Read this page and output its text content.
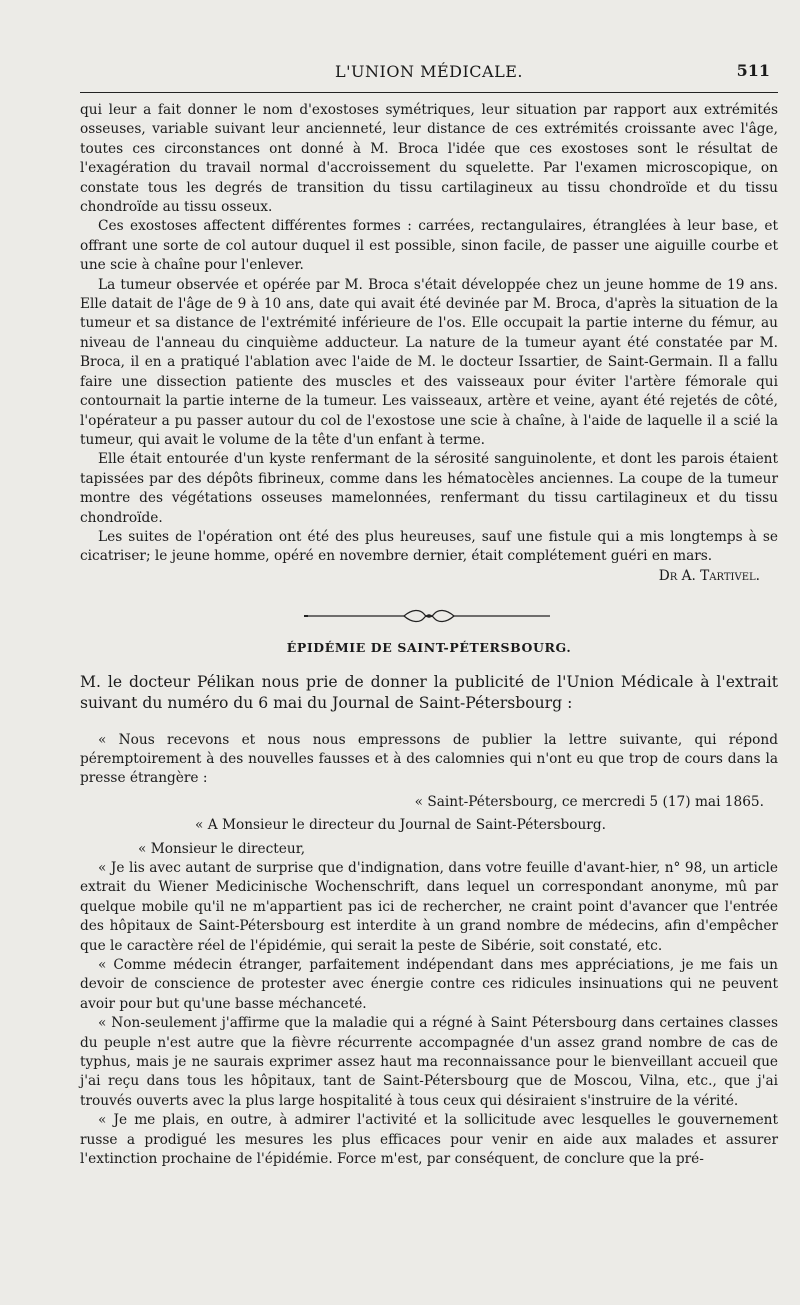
L'UNION MÉDICALE.	511

qui leur a fait donner le nom d'exostoses symétriques, leur situation par rapport aux extrémités osseuses, variable suivant leur ancienneté, leur distance de ces extrémités croissante avec l'âge, toutes ces circonstances ont donné à M. Broca l'idée que ces exostoses sont le résultat de l'exagération du travail normal d'accroissement du squelette. Par l'examen microscopique, on constate tous les degrés de transition du tissu cartilagineux au tissu chondroïde et du tissu chondroïde au tissu osseux.

Ces exostoses affectent différentes formes : carrées, rectangulaires, étranglées à leur base, et offrant une sorte de col autour duquel il est possible, sinon facile, de passer une aiguille courbe et une scie à chaîne pour l'enlever.

La tumeur observée et opérée par M. Broca s'était développée chez un jeune homme de 19 ans. Elle datait de l'âge de 9 à 10 ans, date qui avait été devinée par M. Broca, d'après la situation de la tumeur et sa distance de l'extrémité inférieure de l'os. Elle occupait la partie interne du fémur, au niveau de l'anneau du cinquième adducteur. La nature de la tumeur ayant été constatée par M. Broca, il en a pratiqué l'ablation avec l'aide de M. le docteur Issartier, de Saint-Germain. Il a fallu faire une dissection patiente des muscles et des vaisseaux pour éviter l'artère fémorale qui contournait la partie interne de la tumeur. Les vaisseaux, artère et veine, ayant été rejetés de côté, l'opérateur a pu passer autour du col de l'exostose une scie à chaîne, à l'aide de laquelle il a scié la tumeur, qui avait le volume de la tête d'un enfant à terme.

Elle était entourée d'un kyste renfermant de la sérosité sanguinolente, et dont les parois étaient tapissées par des dépôts fibrineux, comme dans les hématocèles anciennes. La coupe de la tumeur montre des végétations osseuses mamelonnées, renfermant du tissu cartilagineux et du tissu chondroïde.

Les suites de l'opération ont été des plus heureuses, sauf une fistule qui a mis longtemps à se cicatriser; le jeune homme, opéré en novembre dernier, était complétement guéri en mars.

Dr A. Tartivel.

ÉPIDÉMIE DE SAINT-PÉTERSBOURG.

M. le docteur Pélikan nous prie de donner la publicité de l'Union Médicale à l'extrait suivant du numéro du 6 mai du Journal de Saint-Pétersbourg :

« Nous recevons et nous nous empressons de publier la lettre suivante, qui répond péremptoirement à des nouvelles fausses et à des calomnies qui n'ont eu que trop de cours dans la presse étrangère :

« Saint-Pétersbourg, ce mercredi 5 (17) mai 1865.

« A Monsieur le directeur du Journal de Saint-Pétersbourg.

« Monsieur le directeur,

« Je lis avec autant de surprise que d'indignation, dans votre feuille d'avant-hier, n° 98, un article extrait du Wiener Medicinische Wochenschrift, dans lequel un correspondant anonyme, mû par quelque mobile qu'il ne m'appartient pas ici de rechercher, ne craint point d'avancer que l'entrée des hôpitaux de Saint-Pétersbourg est interdite à un grand nombre de médecins, afin d'empêcher que le caractère réel de l'épidémie, qui serait la peste de Sibérie, soit constaté, etc.

« Comme médecin étranger, parfaitement indépendant dans mes appréciations, je me fais un devoir de conscience de protester avec énergie contre ces ridicules insinuations qui ne peuvent avoir pour but qu'une basse méchanceté.

« Non-seulement j'affirme que la maladie qui a régné à Saint Pétersbourg dans certaines classes du peuple n'est autre que la fièvre récurrente accompagnée d'un assez grand nombre de cas de typhus, mais je ne saurais exprimer assez haut ma reconnaissance pour le bienveillant accueil que j'ai reçu dans tous les hôpitaux, tant de Saint-Pétersbourg que de Moscou, Vilna, etc., que j'ai trouvés ouverts avec la plus large hospitalité à tous ceux qui désiraient s'instruire de la vérité.

« Je me plais, en outre, à admirer l'activité et la sollicitude avec lesquelles le gouvernement russe a prodigué les mesures les plus efficaces pour venir en aide aux malades et assurer l'extinction prochaine de l'épidémie. Force m'est, par conséquent, de conclure que la pré-
